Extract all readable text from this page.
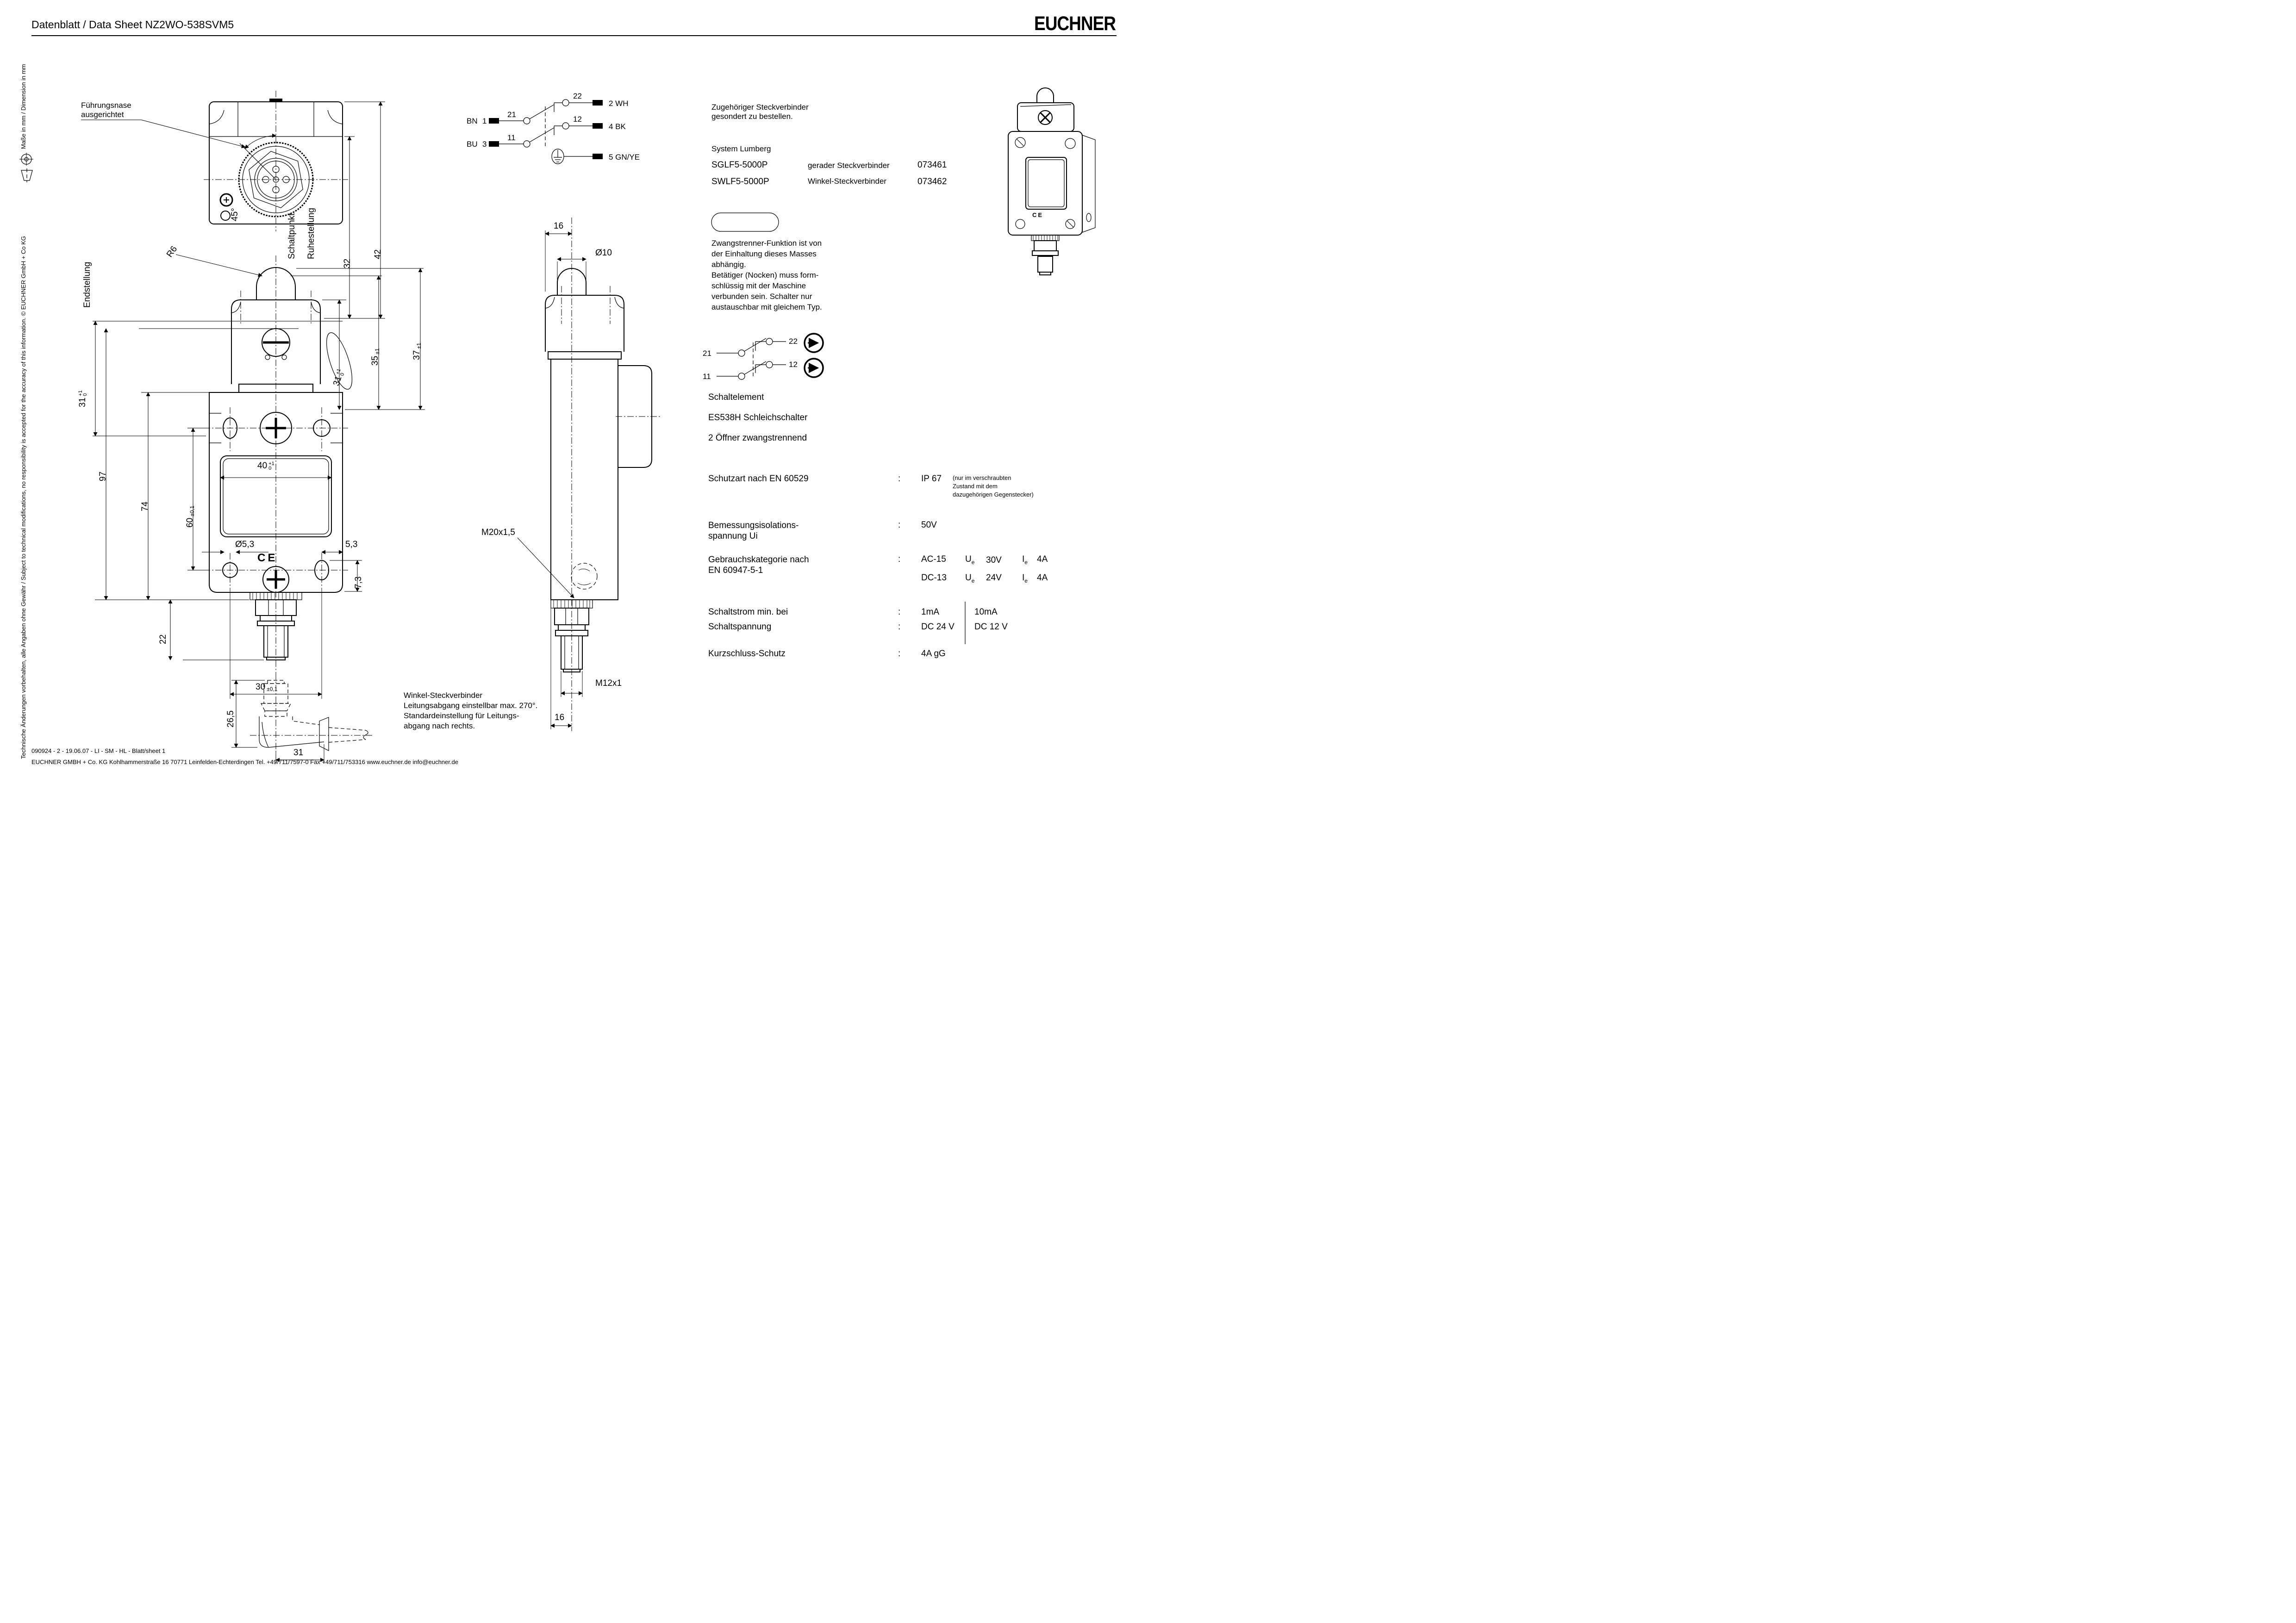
Datenblatt / Data Sheet NZ2WO-538SVM5	EUCHNER
Technische Änderungen vorbehalten, alle Angaben ohne Gewähr / Subject to technical modifications, no responsibility is accepted for the accuracy of this information. © EUCHNER GmbH + Co KG
Maße in mm / Dimension in mm	Führungsnase
ausgerichtet
45°
32
42
Endstellung
Schaltpunkt Ruhestellung
R6
31
+1
0
97
74
60±0,1
22
40 +1
0
Ø5,3	5,3
CE
7,3
31
+1
0
35±1	37±1
30 ±0,1
26,5
31
Winkel-Steckverbinder
Leitungsabgang einstellbar max. 270°.
Standardeinstellung für Leitungs-
abgang nach rechts.
16
Ø10
M20x1,5
M12x1
16
CE
BN 1
BU 3
21
11
22
12
2 WH
4 BK
5 GN/YE
21
11
22
12
Zugehöriger Steckverbinder
gesondert zu bestellen.
System Lumberg
SGLF5-5000P	gerader Steckverbinder	073461
SWLF5-5000P	Winkel-Steckverbinder	073462
Zwangstrenner-Funktion ist von
der Einhaltung dieses Masses
abhängig.
Betätiger (Nocken) muss form-
schlüssig mit der Maschine
verbunden sein. Schalter nur
austauschbar mit gleichem Typ.
Schaltelement
ES538H Schleichschalter
2 Öffner zwangstrennend
Schutzart nach EN 60529	: IP 67 (nur im verschraubten
Zustand mit dem
dazugehörigen Gegenstecker)
Bemessungsisolations-
spannung Ui
: 50V
Gebrauchskategorie nach
EN 60947-5-1
: AC-15 $U_e$ 30V $I_e$ 4A
DC-13 $U_e$ 24V $I_e$ 4A
Schaltstrom min. bei	: 1mA	10mA
Schaltspannung	: DC 24 V DC 12 V
Kurzschluss-Schutz	: 4A gG
090924 - 2 - 19.06.07 - LI - SM - HL - Blatt/sheet 1
EUCHNER GMBH + Co. KG Kohlhammerstraße 16 70771 Leinfelden-Echterdingen Tel. +49/711/7597-0 Fax +49/711/753316 www.euchner.de info@euchner.de
